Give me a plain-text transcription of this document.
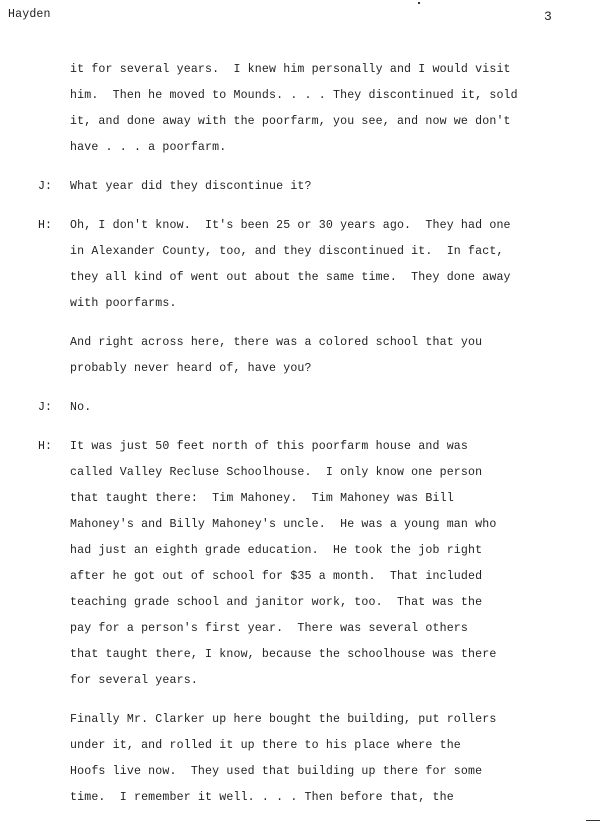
Hayden	3
it for several years.  I knew him personally and I would visit
him.  Then he moved to Mounds. . . . They discontinued it, sold
it, and done away with the poorfarm, you see, and now we don't
have . . . a poorfarm.
J: What year did they discontinue it?
H: Oh, I don't know.  It's been 25 or 30 years ago.  They had one
in Alexander County, too, and they discontinued it.  In fact,
they all kind of went out about the same time.  They done away
with poorfarms.
And right across here, there was a colored school that you
probably never heard of, have you?
J: No.
H: It was just 50 feet north of this poorfarm house and was
called Valley Recluse Schoolhouse.  I only know one person
that taught there:  Tim Mahoney.  Tim Mahoney was Bill
Mahoney's and Billy Mahoney's uncle.  He was a young man who
had just an eighth grade education.  He took the job right
after he got out of school for $35 a month.  That included
teaching grade school and janitor work, too.  That was the
pay for a person's first year.  There was several others
that taught there, I know, because the schoolhouse was there
for several years.
Finally Mr. Clarker up here bought the building, put rollers
under it, and rolled it up there to his place where the
Hoofs live now.  They used that building up there for some
time.  I remember it well. . . . Then before that, the
